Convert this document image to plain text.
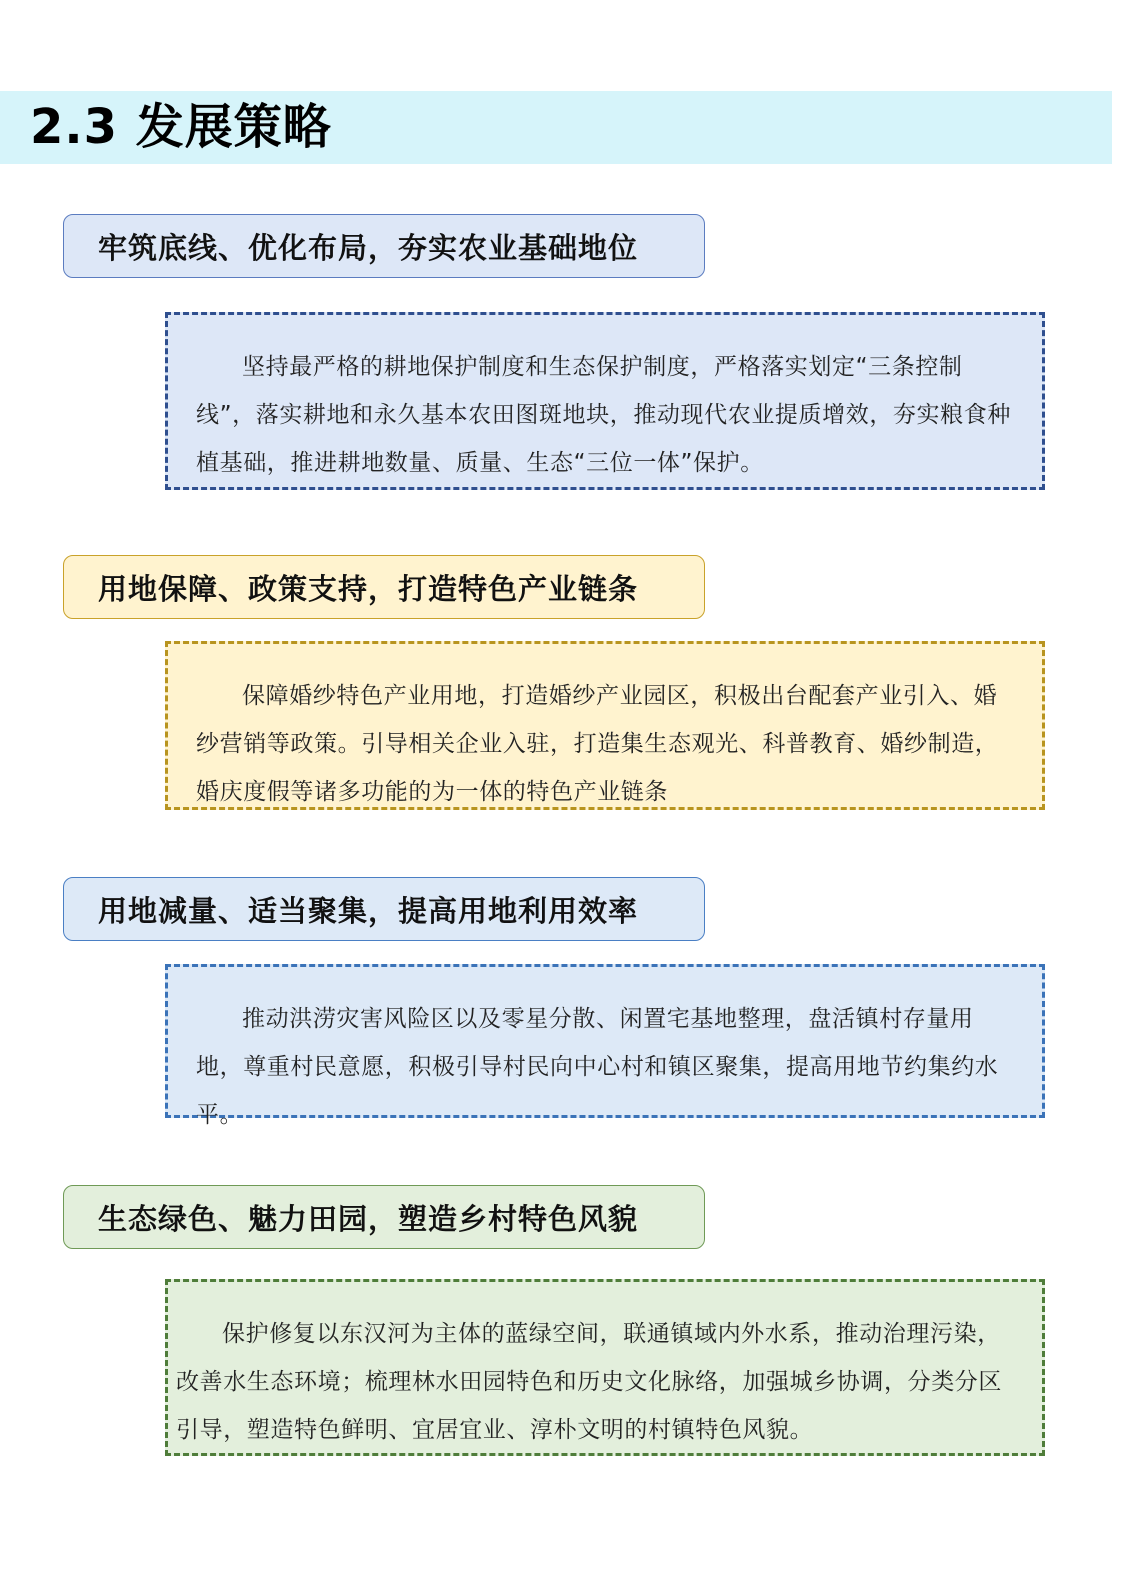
2.3 发展策略
牢筑底线、优化布局，夯实农业基础地位

坚持最严格的耕地保护制度和生态保护制度，严格落实划定“三条控制线”，落实耕地和永久基本农田图斑地块，推动现代农业提质增效，夯实粮食种植基础，推进耕地数量、质量、生态“三位一体”保护。

用地保障、政策支持，打造特色产业链条

保障婚纱特色产业用地，打造婚纱产业园区，积极出台配套产业引入、婚纱营销等政策。引导相关企业入驻，打造集生态观光、科普教育、婚纱制造，婚庆度假等诸多功能的为一体的特色产业链条

用地减量、适当聚集，提高用地利用效率

推动洪涝灾害风险区以及零星分散、闲置宅基地整理，盘活镇村存量用地，尊重村民意愿，积极引导村民向中心村和镇区聚集，提高用地节约集约水平。

生态绿色、魅力田园，塑造乡村特色风貌

保护修复以东汉河为主体的蓝绿空间，联通镇域内外水系，推动治理污染，改善水生态环境；梳理林水田园特色和历史文化脉络，加强城乡协调，分类分区引导，塑造特色鲜明、宜居宜业、淳朴文明的村镇特色风貌。
